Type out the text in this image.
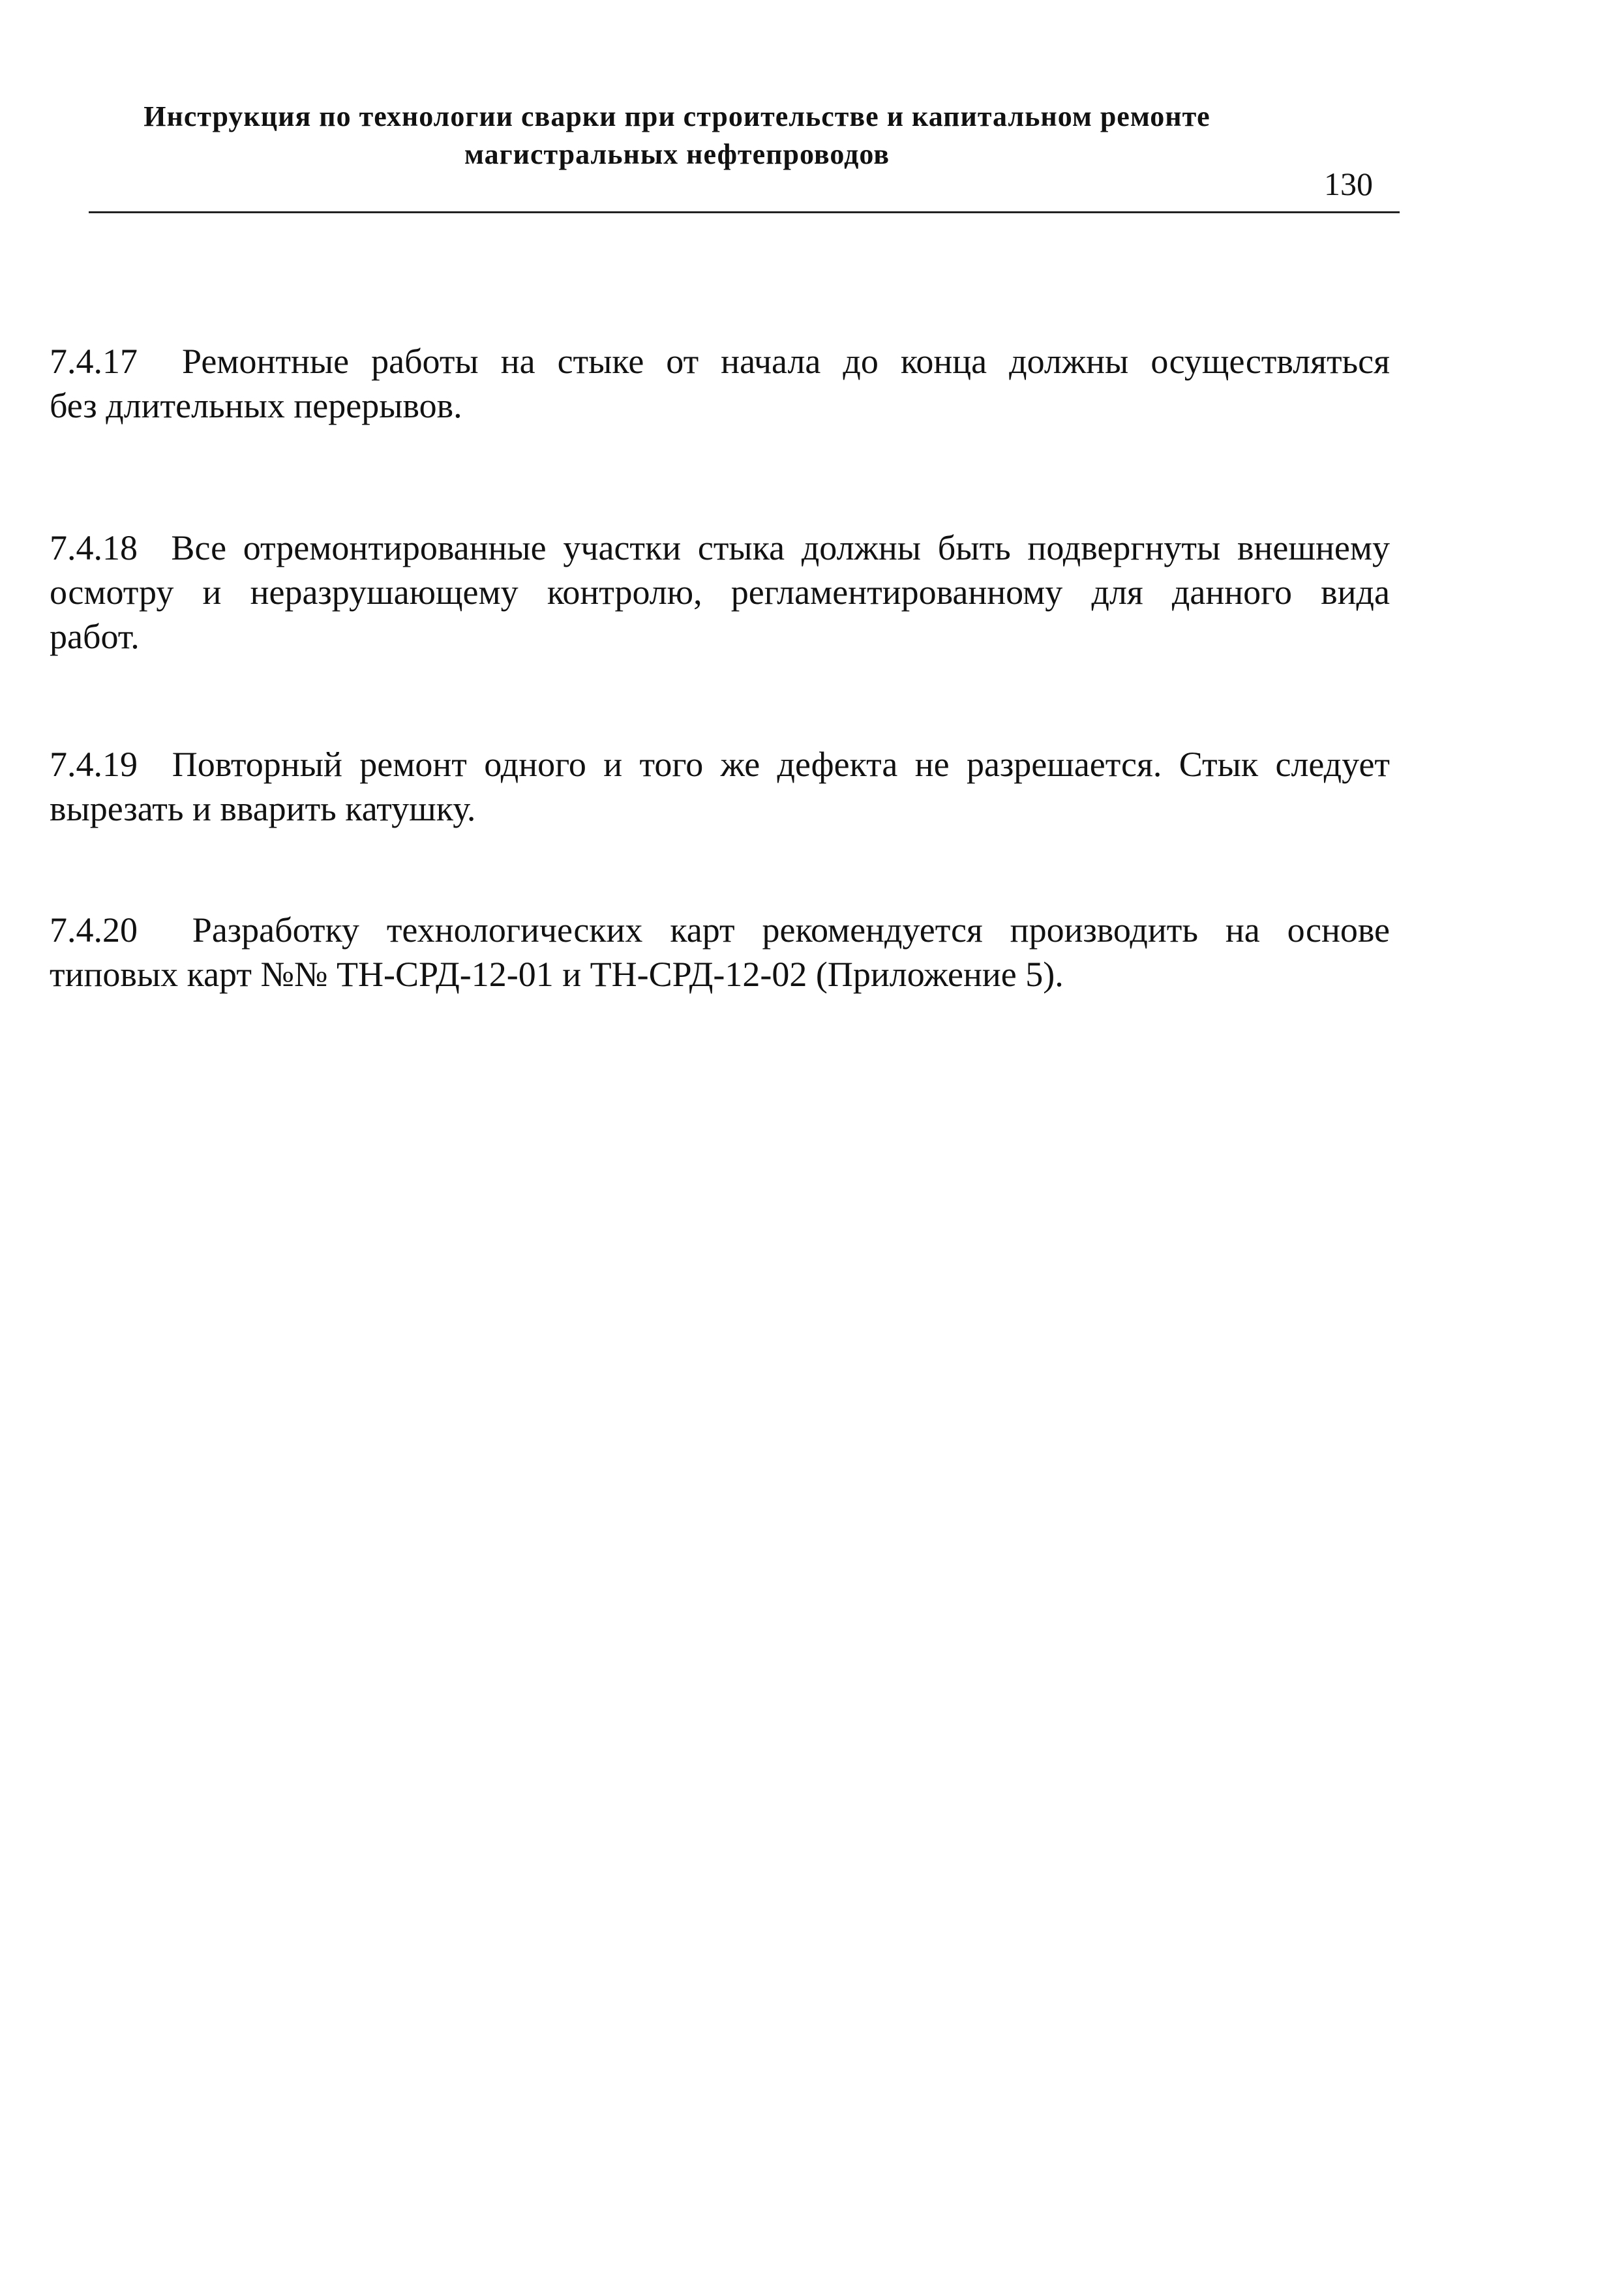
Инструкция по технологии сварки при строительстве и капитальном ремонте
магистральных нефтепроводов
130
7.4.17 Ремонтные работы на стыке от начала до конца должны осуществляться
без длительных перерывов.
7.4.18 Все отремонтированные участки стыка должны быть подвергнуты внешнему
осмотру и неразрушающему контролю, регламентированному для данного вида
работ.
7.4.19 Повторный ремонт одного и того же дефекта не разрешается. Стык следует
вырезать и вварить катушку.
7.4.20 Разработку технологических карт рекомендуется производить на основе
типовых карт №№ ТН-СРД-12-01 и ТН-СРД-12-02 (Приложение 5).
